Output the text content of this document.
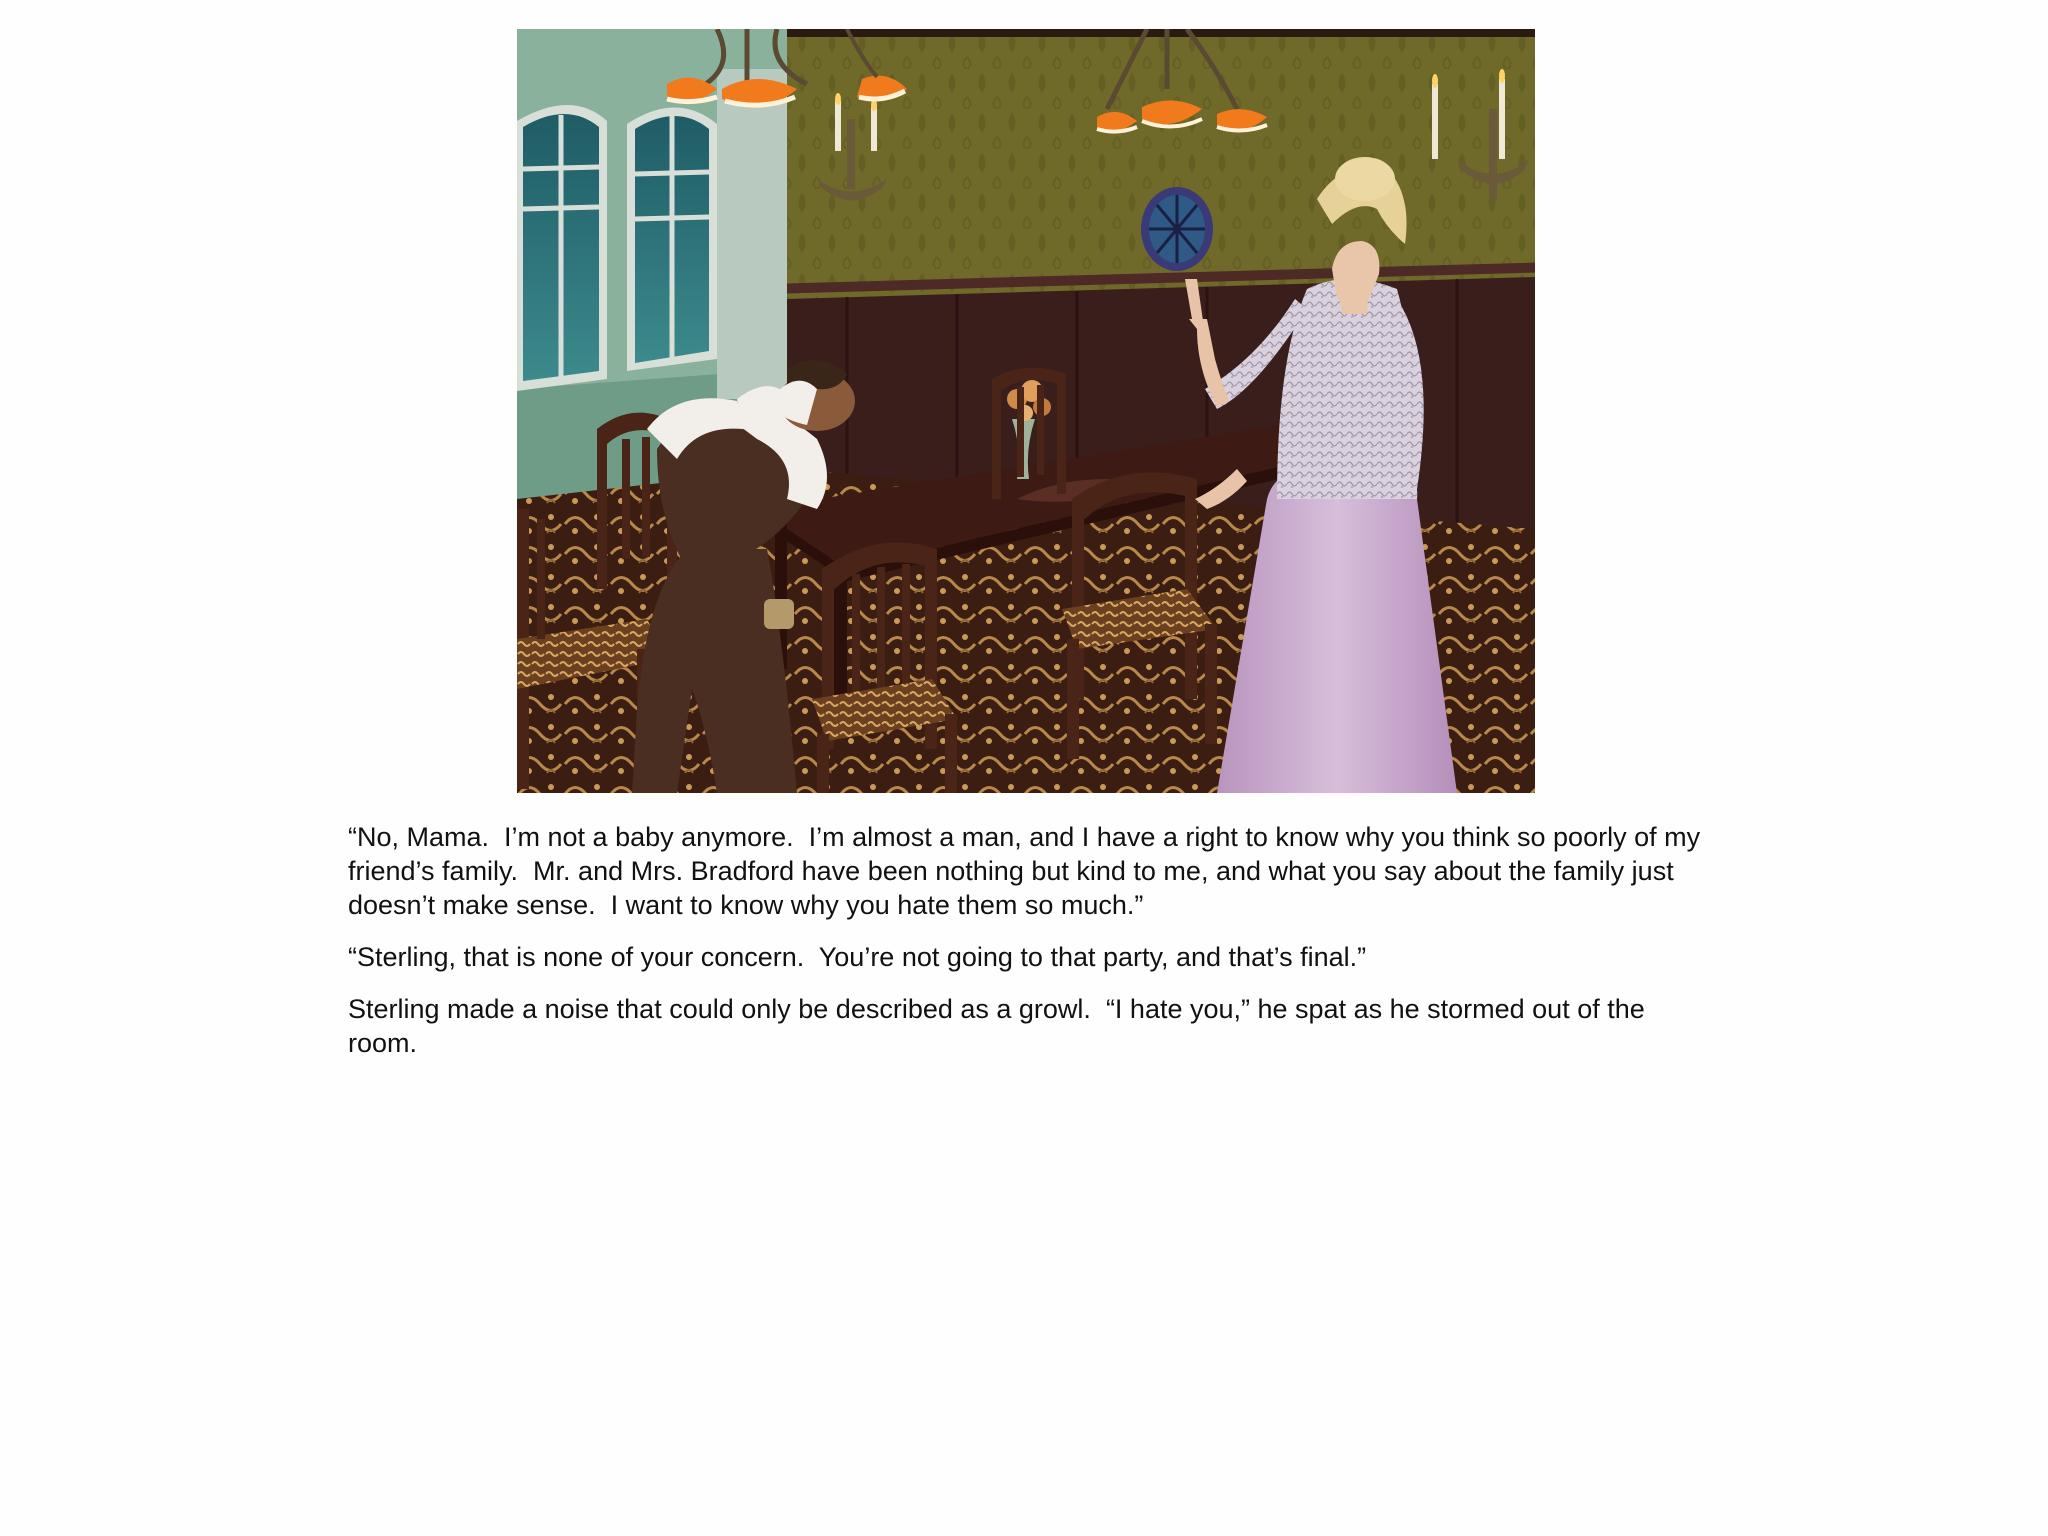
“No, Mama.  I’m not a baby anymore.  I’m almost a man, and I have a right to know why you think so poorly of my friend’s family.  Mr. and Mrs. Bradford have been nothing but kind to me, and what you say about the family just doesn’t make sense.  I want to know why you hate them so much.”

“Sterling, that is none of your concern.  You’re not going to that party, and that’s final.”

Sterling made a noise that could only be described as a growl.  “I hate you,” he spat as he stormed out of the room.
